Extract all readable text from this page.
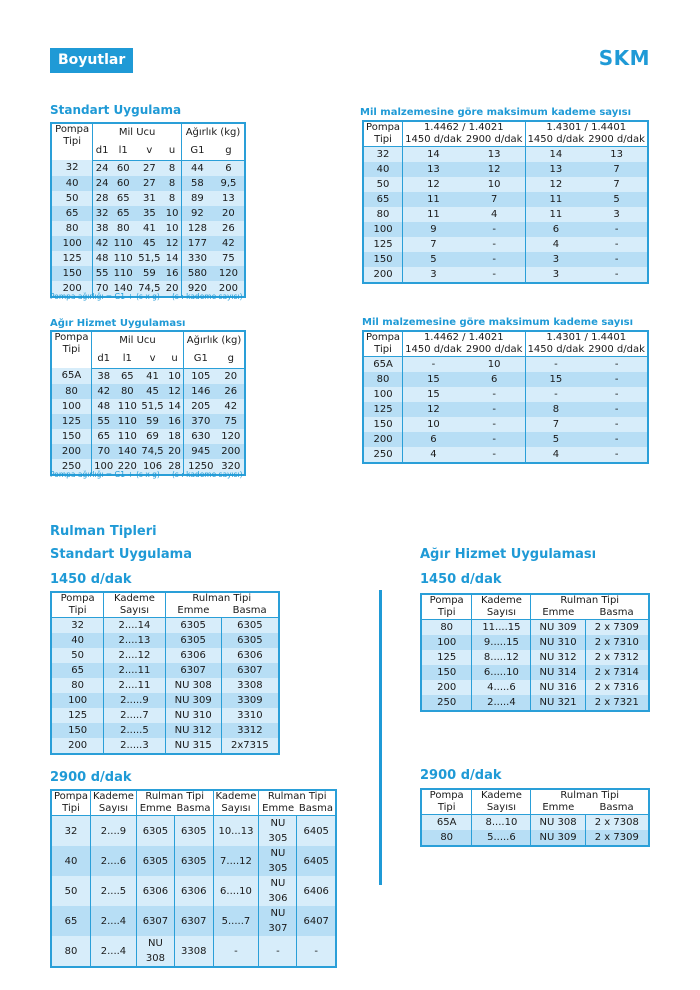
Boyutlar	SKM
Standart Uygulama
Pompa
Tipi	Mil Ucu				Ağırlık (kg)	
	d1	l1	v	u	G1	g
32	24	60	27	8	44	6
40	24	60	27	8	58	9,5
50	28	65	31	8	89	13
65	32	65	35	10	92	20
80	38	80	41	10	128	26
100	42	110	45	12	177	42
125	48	110	51,5	14	330	75
150	55	110	59	16	580	120
200	70	140	74,5	20	920	200
Pompa ağırlığı = G1 + (s x g) (s : kademe sayısı)
Mil malzemesine göre maksimum kademe sayısı
Pompa	1.4462 / 1.4021		1.4301 / 1.4401	
Tipi	1450 d/dak	2900 d/dak	1450 d/dak	2900 d/dak
32	14	13	14	13
40	13	12	13	7
50	12	10	12	7
65	11	7	11	5
80	11	4	11	3
100	9	-	6	-
125	7	-	4	-
150	5	-	3	-
200	3	-	3	-
Ağır Hizmet Uygulaması
Pompa
Tipi	Mil Ucu				Ağırlık (kg)	
	d1	l1	v	u	G1	g
65A	38	65	41	10	105	20
80	42	80	45	12	146	26
100	48	110	51,5	14	205	42
125	55	110	59	16	370	75
150	65	110	69	18	630	120
200	70	140	74,5	20	945	200
250	100	220	106	28	1250	320
Pompa ağırlığı = G1 + (s x g) (s : kademe sayısı)
Mil malzemesine göre maksimum kademe sayısı
Pompa	1.4462 / 1.4021		1.4301 / 1.4401	
Tipi	1450 d/dak	2900 d/dak	1450 d/dak	2900 d/dak
65A	-	10	-	-
80	15	6	15	-
100	15	-	-	-
125	12	-	8	-
150	10	-	7	-
200	6	-	5	-
250	4	-	4	-
Rulman Tipleri
Standart Uygulama
1450 d/dak
Pompa	Kademe	Rulman Tipi	
Tipi	Sayısı	Emme	Basma
32	2....14	6305	6305
40	2....13	6305	6305
50	2....12	6306	6306
65	2....11	6307	6307
80	2....11	NU 308	3308
100	2.....9	NU 309	3309
125	2.....7	NU 310	3310
150	2.....5	NU 312	3312
200	2.....3	NU 315	2x7315
2900 d/dak
Pompa	Kademe	Rulman Tipi		Kademe	Rulman Tipi	
Tipi	Sayısı	Emme	Basma	Sayısı	Emme	Basma
32	2....9	6305	6305	10...13	NU 305	6405
40	2....6	6305	6305	7....12	NU 305	6405
50	2....5	6306	6306	6....10	NU 306	6406
65	2....4	6307	6307	5.....7	NU 307	6407
80	2....4	NU 308	3308	-	-	-
Ağır Hizmet Uygulaması
1450 d/dak
Pompa	Kademe	Rulman Tipi	
Tipi	Sayısı	Emme	Basma
80	11....15	NU 309	2 x 7309
100	9.....15	NU 310	2 x 7310
125	8.....12	NU 312	2 x 7312
150	6.....10	NU 314	2 x 7314
200	4.....6	NU 316	2 x 7316
250	2.....4	NU 321	2 x 7321
2900 d/dak
Pompa	Kademe	Rulman Tipi	
Tipi	Sayısı	Emme	Basma
65A	8....10	NU 308	2 x 7308
80	5.....6	NU 309	2 x 7309
